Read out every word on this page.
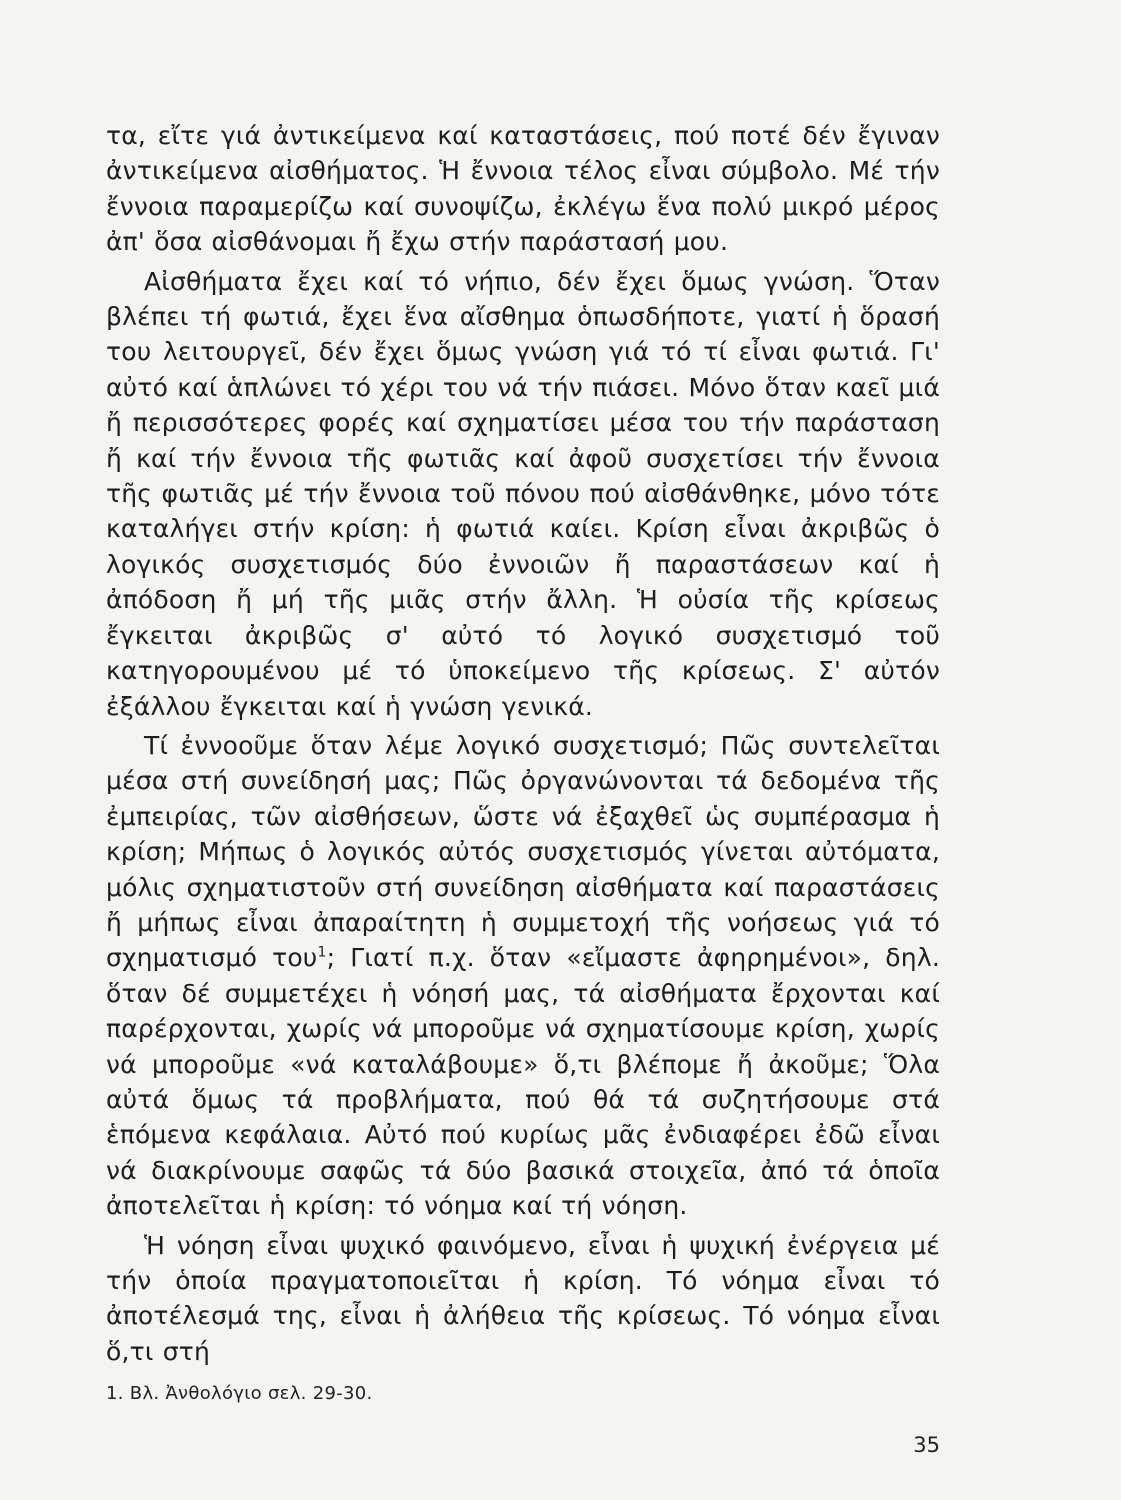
τα, εἴτε γιά ἀντικείμενα καί καταστάσεις, πού ποτέ δέν ἔγιναν ἀντικείμενα αἰσθήματος. Ἡ ἔννοια τέλος εἶναι σύμβολο. Μέ τήν ἔννοια παραμερίζω καί συνοψίζω, ἐκλέγω ἕνα πολύ μικρό μέρος ἀπ' ὅσα αἰσθάνομαι ἤ ἔχω στήν παράστασή μου.

Αἰσθήματα ἔχει καί τό νήπιο, δέν ἔχει ὅμως γνώση. Ὅταν βλέπει τή φωτιά, ἔχει ἕνα αἴσθημα ὁπωσδήποτε, γιατί ἡ ὅρασή του λειτουργεῖ, δέν ἔχει ὅμως γνώση γιά τό τί εἶναι φωτιά. Γι' αὐτό καί ἁπλώνει τό χέρι του νά τήν πιάσει. Μόνο ὅταν καεῖ μιά ἤ περισσότερες φορές καί σχηματίσει μέσα του τήν παράσταση ἤ καί τήν ἔννοια τῆς φωτιᾶς καί ἀφοῦ συσχετίσει τήν ἔννοια τῆς φωτιᾶς μέ τήν ἔννοια τοῦ πόνου πού αἰσθάνθηκε, μόνο τότε καταλήγει στήν κρίση: ἡ φωτιά καίει. Κρίση εἶναι ἀκριβῶς ὁ λογικός συσχετισμός δύο ἐννοιῶν ἤ παραστάσεων καί ἡ ἀπόδοση ἤ μή τῆς μιᾶς στήν ἄλλη. Ἡ οὐσία τῆς κρίσεως ἔγκειται ἀκριβῶς σ' αὐτό τό λογικό συσχετισμό τοῦ κατηγορουμένου μέ τό ὑποκείμενο τῆς κρίσεως. Σ' αὐτόν ἐξάλλου ἔγκειται καί ἡ γνώση γενικά.

Τί ἐννοοῦμε ὅταν λέμε λογικό συσχετισμό; Πῶς συντελεῖται μέσα στή συνείδησή μας; Πῶς ὀργανώνονται τά δεδομένα τῆς ἐμπειρίας, τῶν αἰσθήσεων, ὥστε νά ἐξαχθεῖ ὡς συμπέρασμα ἡ κρίση; Μήπως ὁ λογικός αὐτός συσχετισμός γίνεται αὐτόματα, μόλις σχηματιστοῦν στή συνείδηση αἰσθήματα καί παραστάσεις ἤ μήπως εἶναι ἀπαραίτητη ἡ συμμετοχή τῆς νοήσεως γιά τό σχηματισμό του$^1$; Γιατί π.χ. ὅταν «εἴμαστε ἀφηρημένοι», δηλ. ὅταν δέ συμμετέχει ἡ νόησή μας, τά αἰσθήματα ἔρχονται καί παρέρχονται, χωρίς νά μποροῦμε νά σχηματίσουμε κρίση, χωρίς νά μποροῦμε «νά καταλάβουμε» ὅ,τι βλέπομε ἤ ἀκοῦμε; Ὅλα αὐτά ὅμως τά προβλήματα, πού θά τά συζητήσουμε στά ἑπόμενα κεφάλαια. Αὐτό πού κυρίως μᾶς ἐνδιαφέρει ἐδῶ εἶναι νά διακρίνουμε σαφῶς τά δύο βασικά στοιχεῖα, ἀπό τά ὁποῖα ἀποτελεῖται ἡ κρίση: τό νόημα καί τή νόηση.

Ἡ νόηση εἶναι ψυχικό φαινόμενο, εἶναι ἡ ψυχική ἐνέργεια μέ τήν ὁποία πραγματοποιεῖται ἡ κρίση. Τό νόημα εἶναι τό ἀποτέλεσμά της, εἶναι ἡ ἀλήθεια τῆς κρίσεως. Τό νόημα εἶναι ὅ,τι στή

1. Βλ. Ἀνθολόγιο σελ. 29-30.
35
